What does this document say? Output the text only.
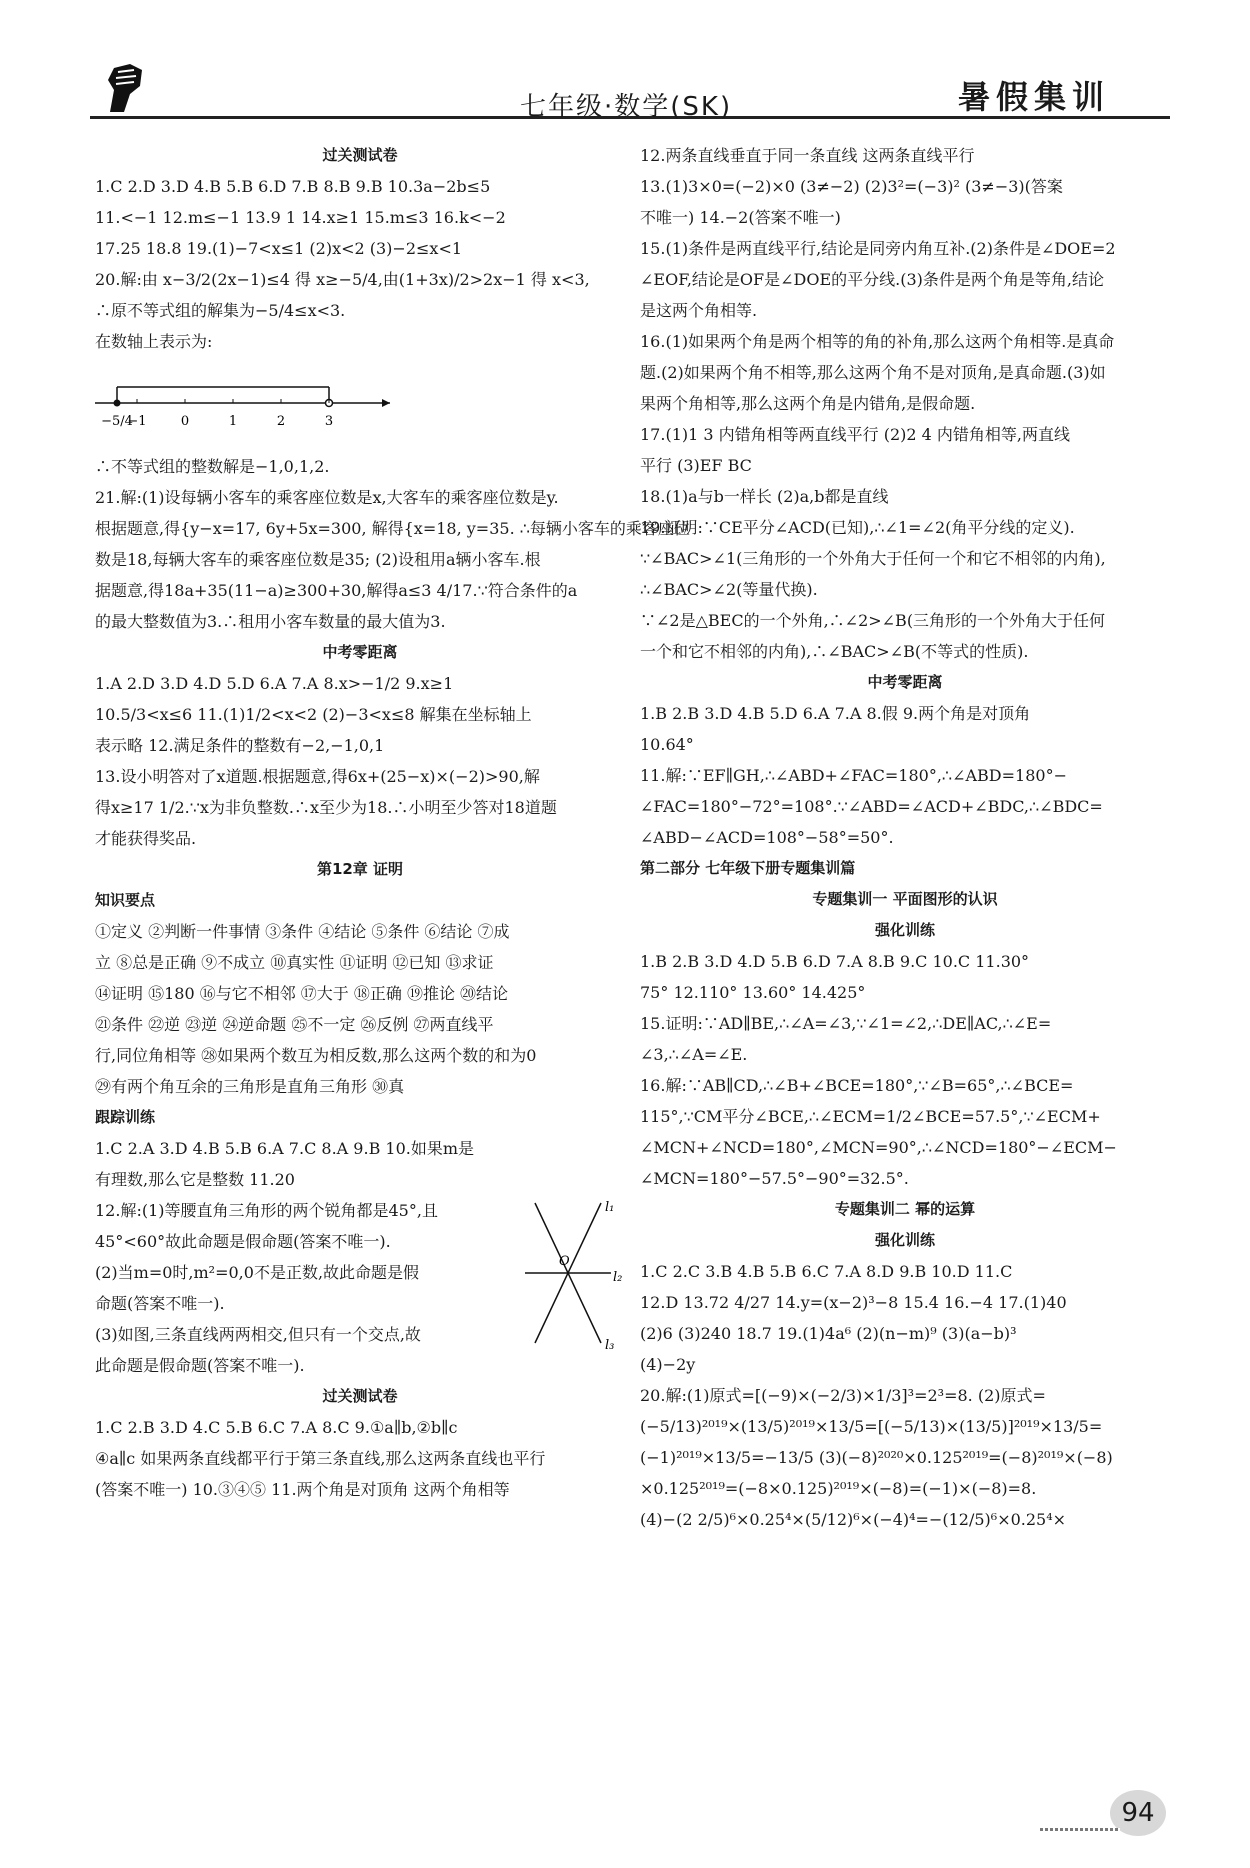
七年级·数学(SK)	暑假集训
过关测试卷
1.C 2.D 3.D 4.B 5.B 6.D 7.B 8.B 9.B 10.3a−2b≤5
11.<−1 12.m≤−1 13.9 1 14.x≥1 15.m≤3 16.k<−2
17.25 18.8 19.(1)−7<x≤1 (2)x<2 (3)−2≤x<1
20.解:由 x−3/2(2x−1)≤4 得 x≥−5/4,由(1+3x)/2>2x−1 得 x<3,
∴原不等式组的解集为−5/4≤x<3.
在数轴上表示为:
−5/4
−1	0	1	2	3
∴不等式组的整数解是−1,0,1,2.
21.解:(1)设每辆小客车的乘客座位数是x,大客车的乘客座位数是y.
根据题意,得{y−x=17, 6y+5x=300, 解得{x=18, y=35. ∴每辆小客车的乘客座位
数是18,每辆大客车的乘客座位数是35; (2)设租用a辆小客车.根
据题意,得18a+35(11−a)≥300+30,解得a≤3 4/17.∵符合条件的a
的最大整数值为3.∴租用小客车数量的最大值为3.
中考零距离
1.A 2.D 3.D 4.D 5.D 6.A 7.A 8.x>−1/2 9.x≥1
10.5/3<x≤6 11.(1)1/2<x<2 (2)−3<x≤8 解集在坐标轴上
表示略 12.满足条件的整数有−2,−1,0,1
13.设小明答对了x道题.根据题意,得6x+(25−x)×(−2)>90,解
得x≥17 1/2.∵x为非负整数.∴x至少为18.∴小明至少答对18道题
才能获得奖品.
第12章 证明
知识要点
①定义 ②判断一件事情 ③条件 ④结论 ⑤条件 ⑥结论 ⑦成
立 ⑧总是正确 ⑨不成立 ⑩真实性 ⑪证明 ⑫已知 ⑬求证
⑭证明 ⑮180 ⑯与它不相邻 ⑰大于 ⑱正确 ⑲推论 ⑳结论
㉑条件 ㉒逆 ㉓逆 ㉔逆命题 ㉕不一定 ㉖反例 ㉗两直线平
行,同位角相等 ㉘如果两个数互为相反数,那么这两个数的和为0
㉙有两个角互余的三角形是直角三角形 ㉚真
跟踪训练
1.C 2.A 3.D 4.B 5.B 6.A 7.C 8.A 9.B 10.如果m是
有理数,那么它是整数 11.20
l₁
l₂
l₃
O
12.解:(1)等腰直角三角形的两个锐角都是45°,且
45°<60°故此命题是假命题(答案不唯一).
(2)当m=0时,m²=0,0不是正数,故此命题是假
命题(答案不唯一).
(3)如图,三条直线两两相交,但只有一个交点,故
此命题是假命题(答案不唯一).
过关测试卷
1.C 2.B 3.D 4.C 5.B 6.C 7.A 8.C 9.①a∥b,②b∥c
④a∥c 如果两条直线都平行于第三条直线,那么这两条直线也平行
(答案不唯一) 10.③④⑤ 11.两个角是对顶角 这两个角相等
12.两条直线垂直于同一条直线 这两条直线平行
13.(1)3×0=(−2)×0 (3≠−2) (2)3²=(−3)² (3≠−3)(答案
不唯一) 14.−2(答案不唯一)
15.(1)条件是两直线平行,结论是同旁内角互补.(2)条件是∠DOE=2
∠EOF,结论是OF是∠DOE的平分线.(3)条件是两个角是等角,结论
是这两个角相等.
16.(1)如果两个角是两个相等的角的补角,那么这两个角相等.是真命
题.(2)如果两个角不相等,那么这两个角不是对顶角,是真命题.(3)如
果两个角相等,那么这两个角是内错角,是假命题.
17.(1)1 3 内错角相等两直线平行 (2)2 4 内错角相等,两直线
平行 (3)EF BC
18.(1)a与b一样长 (2)a,b都是直线
19.证明:∵CE平分∠ACD(已知),∴∠1=∠2(角平分线的定义).
∵∠BAC>∠1(三角形的一个外角大于任何一个和它不相邻的内角),
∴∠BAC>∠2(等量代换).
∵∠2是△BEC的一个外角,∴∠2>∠B(三角形的一个外角大于任何
一个和它不相邻的内角),∴∠BAC>∠B(不等式的性质).
中考零距离
1.B 2.B 3.D 4.B 5.D 6.A 7.A 8.假 9.两个角是对顶角
10.64°
11.解:∵EF∥GH,∴∠ABD+∠FAC=180°,∴∠ABD=180°−
∠FAC=180°−72°=108°.∵∠ABD=∠ACD+∠BDC,∴∠BDC=
∠ABD−∠ACD=108°−58°=50°.
第二部分 七年级下册专题集训篇
专题集训一 平面图形的认识
强化训练
1.B 2.B 3.D 4.D 5.B 6.D 7.A 8.B 9.C 10.C 11.30°
75° 12.110° 13.60° 14.425°
15.证明:∵AD∥BE,∴∠A=∠3,∵∠1=∠2,∴DE∥AC,∴∠E=
∠3,∴∠A=∠E.
16.解:∵AB∥CD,∴∠B+∠BCE=180°,∵∠B=65°,∴∠BCE=
115°,∵CM平分∠BCE,∴∠ECM=1/2∠BCE=57.5°,∵∠ECM+
∠MCN+∠NCD=180°,∠MCN=90°,∴∠NCD=180°−∠ECM−
∠MCN=180°−57.5°−90°=32.5°.
专题集训二 幂的运算
强化训练
1.C 2.C 3.B 4.B 5.B 6.C 7.A 8.D 9.B 10.D 11.C
12.D 13.72 4/27 14.y=(x−2)³−8 15.4 16.−4 17.(1)40
(2)6 (3)240 18.7 19.(1)4a⁶ (2)(n−m)⁹ (3)(a−b)³
(4)−2y
20.解:(1)原式=[(−9)×(−2/3)×1/3]³=2³=8. (2)原式=
(−5/13)²⁰¹⁹×(13/5)²⁰¹⁹×13/5=[(−5/13)×(13/5)]²⁰¹⁹×13/5=
(−1)²⁰¹⁹×13/5=−13/5 (3)(−8)²⁰²⁰×0.125²⁰¹⁹=(−8)²⁰¹⁹×(−8)
×0.125²⁰¹⁹=(−8×0.125)²⁰¹⁹×(−8)=(−1)×(−8)=8.
(4)−(2 2/5)⁶×0.25⁴×(5/12)⁶×(−4)⁴=−(12/5)⁶×0.25⁴×
94
